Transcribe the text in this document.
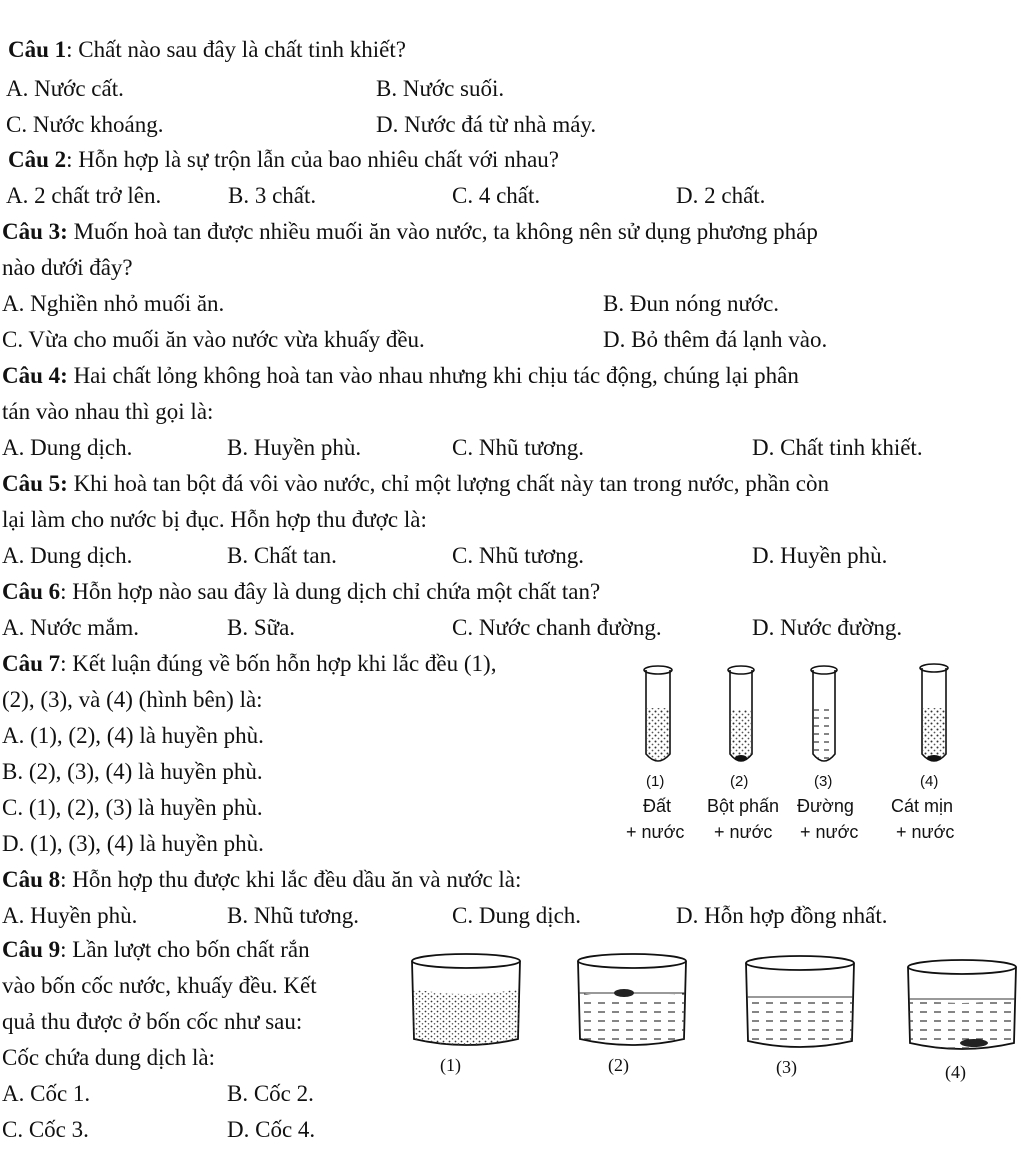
Câu 1: Chất nào sau đây là chất tinh khiết?
A. Nước cất.	B. Nước suối.
C. Nước khoáng.	D. Nước đá từ nhà máy.
Câu 2: Hỗn hợp là sự trộn lẫn của bao nhiêu chất với nhau?
A. 2 chất trở lên.	B. 3 chất.	C. 4 chất.	D. 2 chất.
Câu 3: Muốn hoà tan được nhiều muối ăn vào nước, ta không nên sử dụng phương pháp
nào dưới đây?
A. Nghiền nhỏ muối ăn.	B. Đun nóng nước.
C. Vừa cho muối ăn vào nước vừa khuấy đều.	D. Bỏ thêm đá lạnh vào.
Câu 4: Hai chất lỏng không hoà tan vào nhau nhưng khi chịu tác động, chúng lại phân
tán vào nhau thì gọi là:
A. Dung dịch.	B. Huyền phù.	C. Nhũ tương.	D. Chất tinh khiết.
Câu 5: Khi hoà tan bột đá vôi vào nước, chỉ một lượng chất này tan trong nước, phần còn
lại làm cho nước bị đục. Hỗn hợp thu được là:
A. Dung dịch.	B. Chất tan.	C. Nhũ tương.	D. Huyền phù.
Câu 6: Hỗn hợp nào sau đây là dung dịch chỉ chứa một chất tan?
A. Nước mắm.	B. Sữa.	C. Nước chanh đường.	D. Nước đường.
Câu 7: Kết luận đúng về bốn hỗn hợp khi lắc đều (1),
(2), (3), và (4) (hình bên) là:
A. (1), (2), (4) là huyền phù.
B. (2), (3), (4) là huyền phù.
C. (1), (2), (3) là huyền phù.
D. (1), (3), (4) là huyền phù.
(1)	(2)	(3)	(4)
Đất Bột phấn Đường Cát mịn
+ nước + nước + nước + nước
Câu 8: Hỗn hợp thu được khi lắc đều dầu ăn và nước là:
A. Huyền phù.	B. Nhũ tương.	C. Dung dịch.	D. Hỗn hợp đồng nhất.
Câu 9: Lần lượt cho bốn chất rắn
vào bốn cốc nước, khuấy đều. Kết
quả thu được ở bốn cốc như sau:
Cốc chứa dung dịch là:
A. Cốc 1.	B. Cốc 2.
C. Cốc 3.	D. Cốc 4.
(1)	(2)	(3)	(4)
